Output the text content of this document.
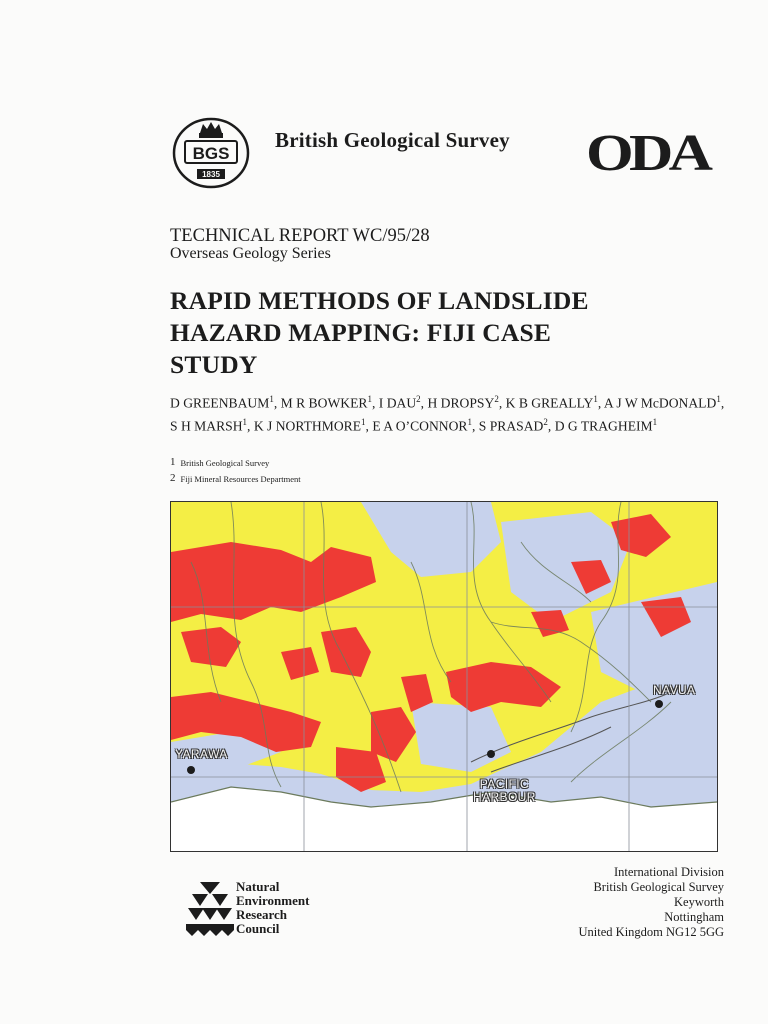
BGS
1835
British Geological Survey ODA
TECHNICAL REPORT WC/95/28
Overseas Geology Series
RAPID METHODS OF LANDSLIDE
HAZARD MAPPING: FIJI CASE
STUDY
D GREENBAUM$^1$, M R BOWKER$^1$, I DAU$^2$, H DROPSY$^2$, K B GREALLY$^1$, A J W McDONALD$^1$, S H MARSH$^1$, K J NORTHMORE$^1$, E A O’CONNOR$^1$, S PRASAD$^2$, D G TRAGHEIM$^1$
1 British Geological Survey
2 Fiji Mineral Resources Department
NAVUA
YARAWA
PACIFIC
HARBOUR
Natural
Environment
Research
Council
International Division
British Geological Survey
Keyworth
Nottingham
United Kingdom NG12 5GG
